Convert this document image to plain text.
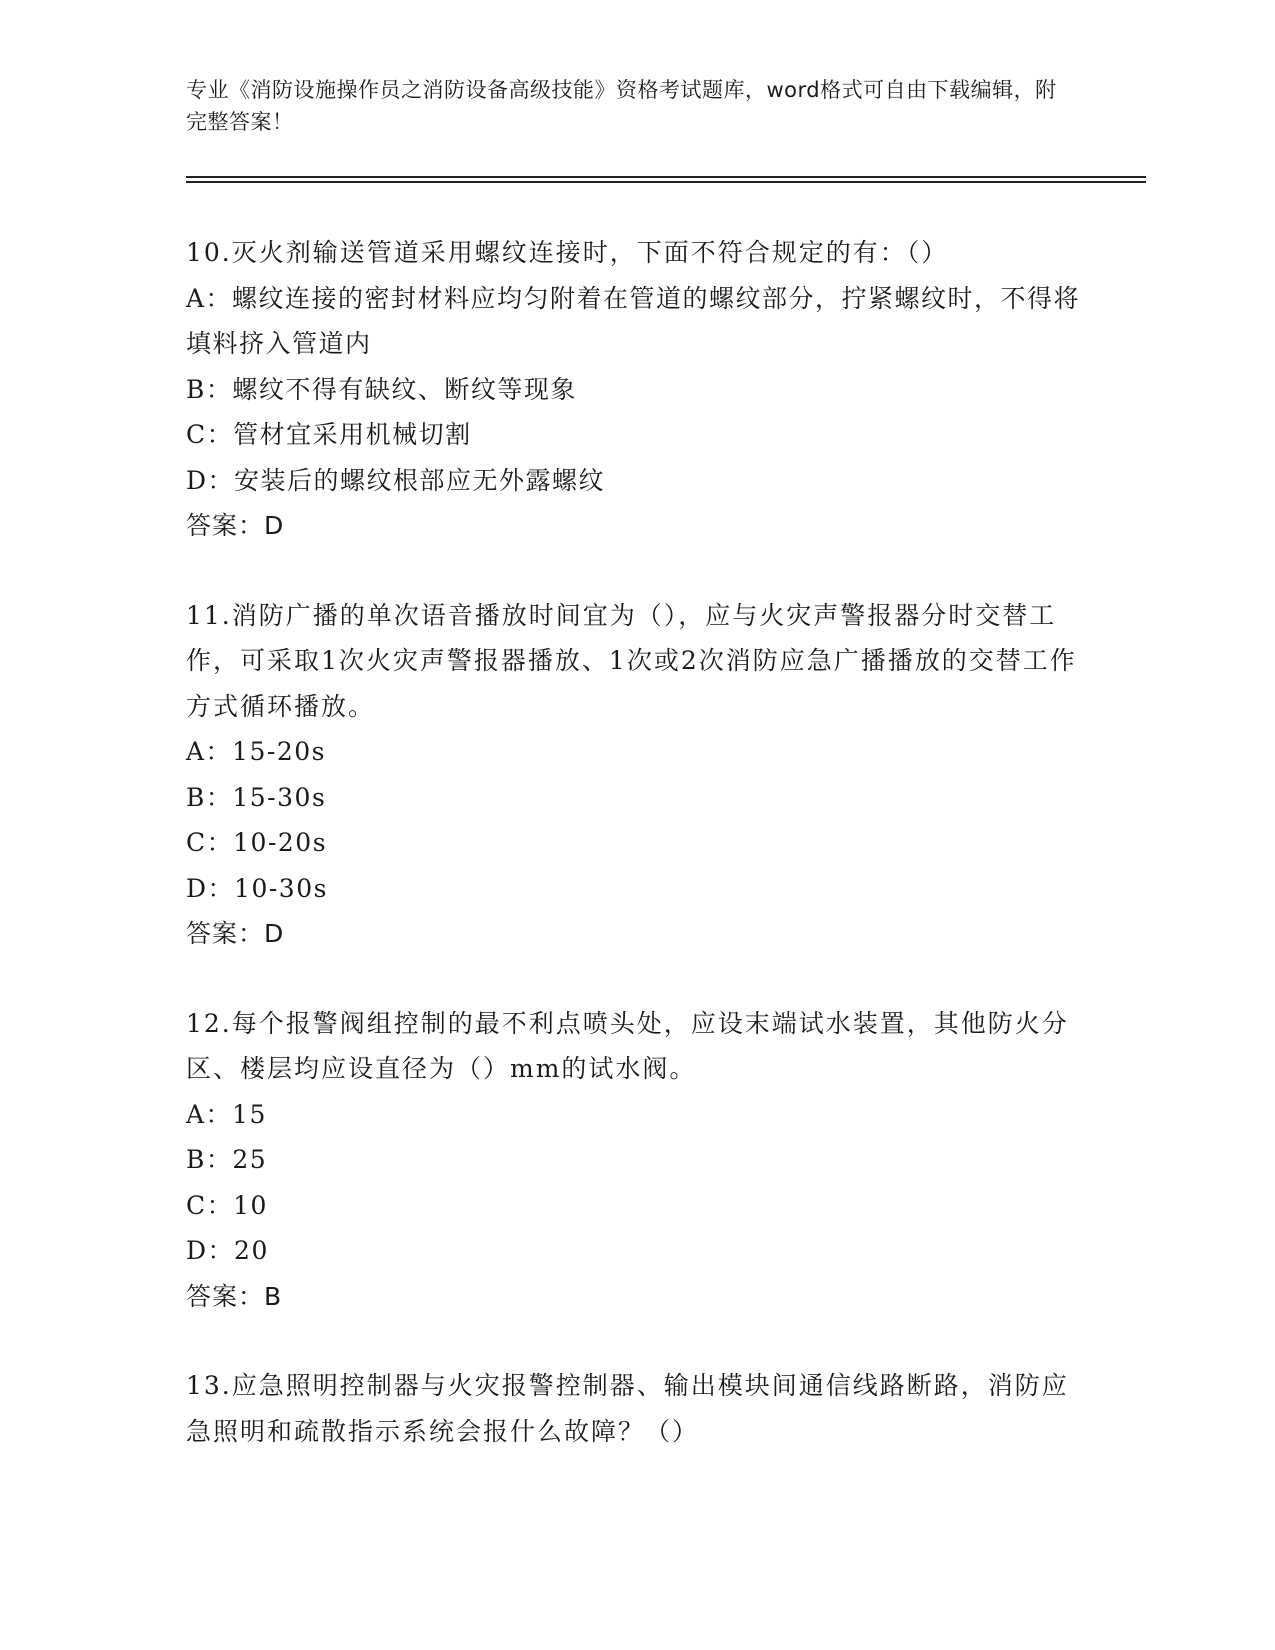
专业《消防设施操作员之消防设备高级技能》资格考试题库，word格式可自由下载编辑，附完整答案！
10.灭火剂输送管道采用螺纹连接时，下面不符合规定的有：（）
A：螺纹连接的密封材料应均匀附着在管道的螺纹部分，拧紧螺纹时，不得将填料挤入管道内
B：螺纹不得有缺纹、断纹等现象
C：管材宜采用机械切割
D：安装后的螺纹根部应无外露螺纹
答案：D
11.消防广播的单次语音播放时间宜为（），应与火灾声警报器分时交替工作，可采取1次火灾声警报器播放、1次或2次消防应急广播播放的交替工作方式循环播放。
A：15-20s
B：15-30s
C：10-20s
D：10-30s
答案：D
12.每个报警阀组控制的最不利点喷头处，应设末端试水装置，其他防火分区、楼层均应设直径为（）mm的试水阀。
A：15
B：25
C：10
D：20
答案：B
13.应急照明控制器与火灾报警控制器、输出模块间通信线路断路，消防应急照明和疏散指示系统会报什么故障？（）
